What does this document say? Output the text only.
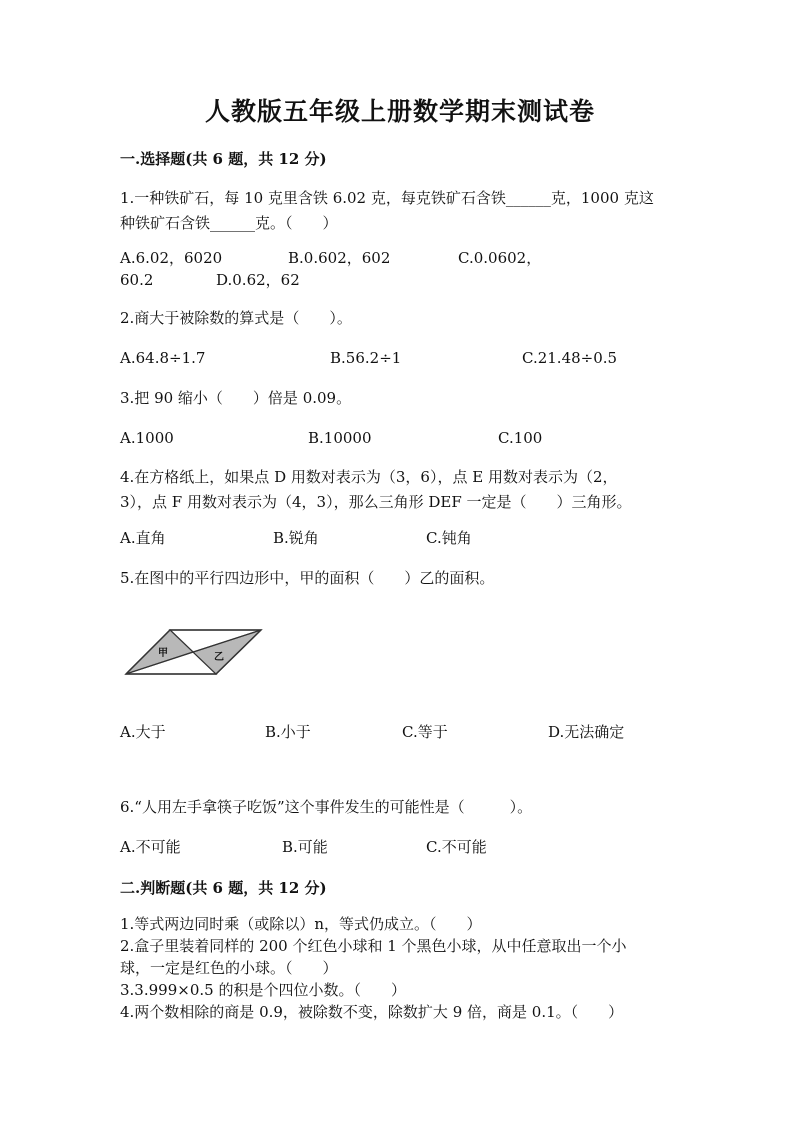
人教版五年级上册数学期末测试卷
一.选择题(共 6 题，共 12 分)
1.一种铁矿石，每 10 克里含铁 6.02 克，每克铁矿石含铁______克，1000 克这
种铁矿石含铁______克。（　　）
A.6.02，6020	B.0.602，602	C.0.0602，
60.2	D.0.62，62
2.商大于被除数的算式是（　　）。
A.64.8÷1.7	B.56.2÷1	C.21.48÷0.5
3.把 90 缩小（　　）倍是 0.09。
A.1000	B.10000	C.100
4.在方格纸上，如果点 D 用数对表示为（3，6），点 E 用数对表示为（2，
3），点 F 用数对表示为（4，3），那么三角形 DEF 一定是（　　）三角形。
A.直角	B.锐角	C.钝角
5.在图中的平行四边形中，甲的面积（　　）乙的面积。
甲	乙
A.大于	B.小于	C.等于	D.无法确定
6.“人用左手拿筷子吃饭”这个事件发生的可能性是（　　　）。
A.不可能	B.可能	C.不可能
二.判断题(共 6 题，共 12 分)
1.等式两边同时乘（或除以）n，等式仍成立。（　　）
2.盒子里装着同样的 200 个红色小球和 1 个黑色小球，从中任意取出一个小
球，一定是红色的小球。（　　）
3.3.999×0.5 的积是个四位小数。（　　）
4.两个数相除的商是 0.9，被除数不变，除数扩大 9 倍，商是 0.1。（　　）
